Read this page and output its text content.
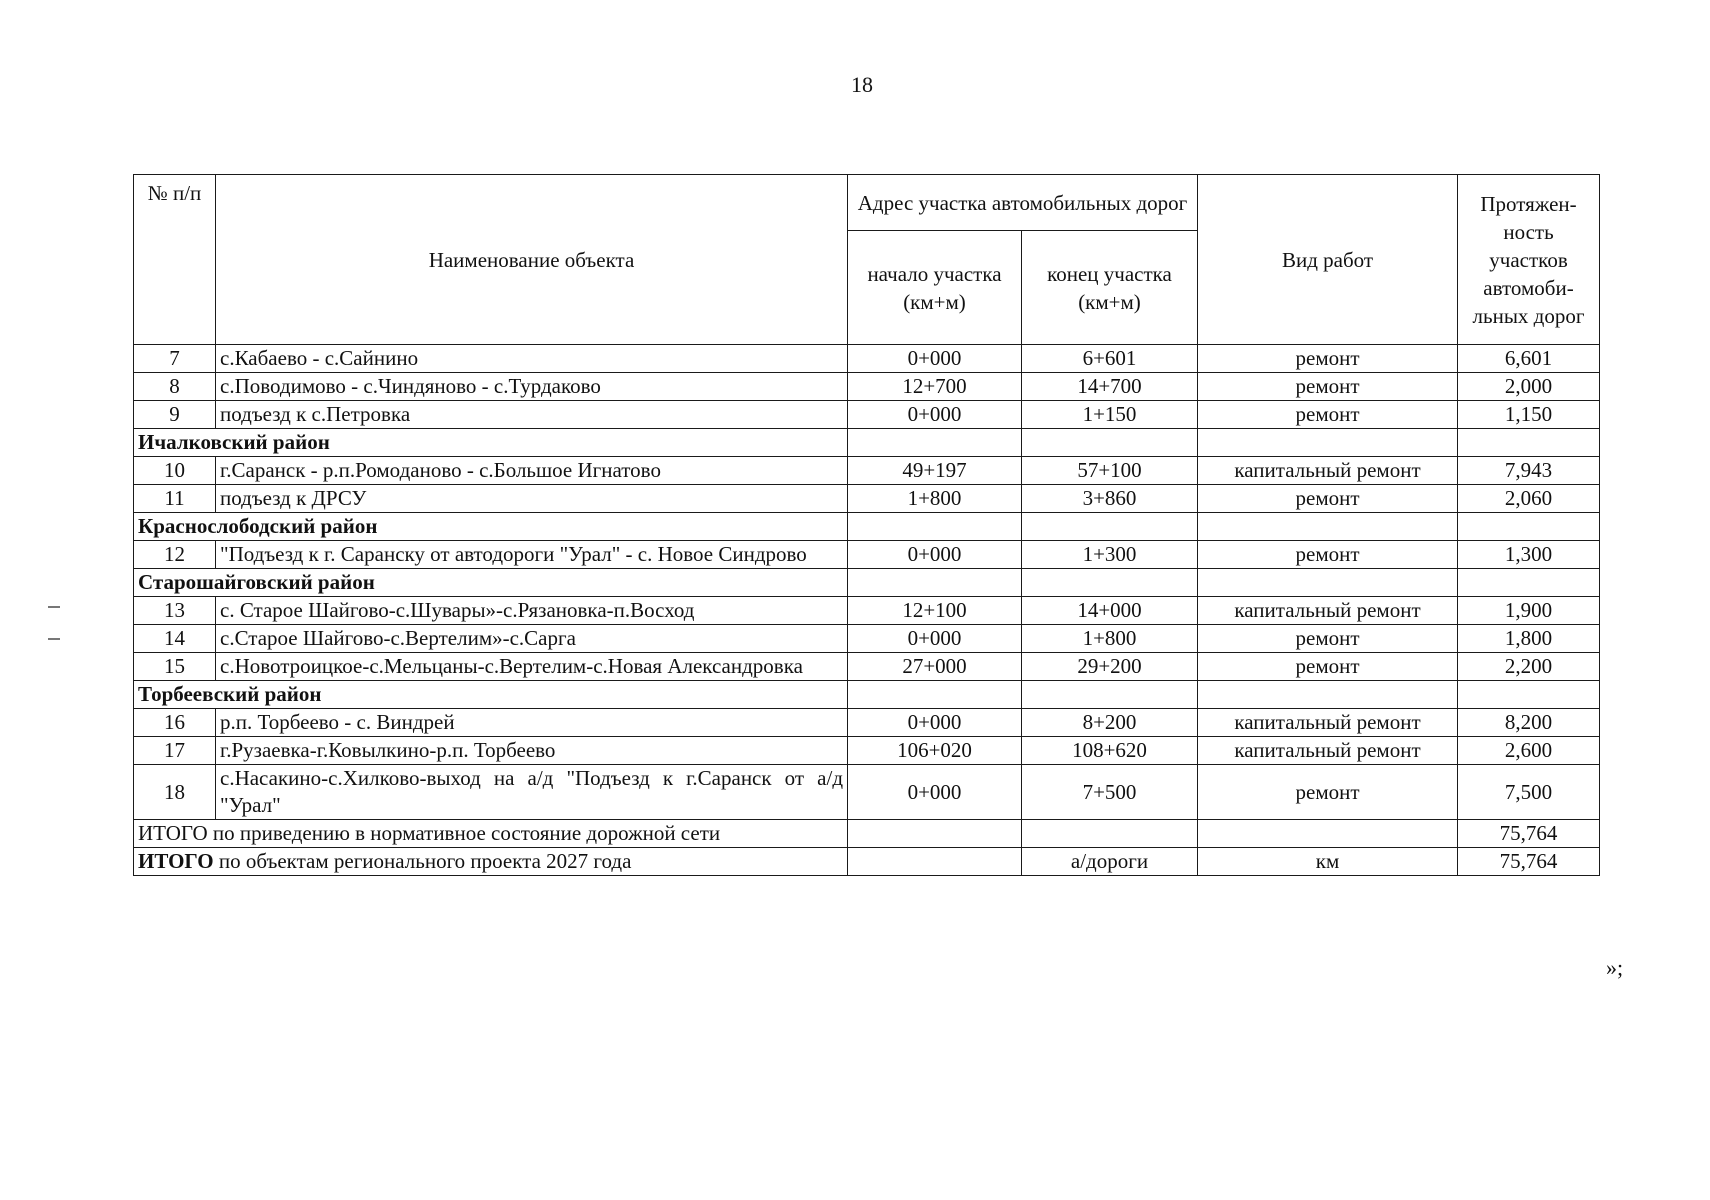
18
№ п/п	Наименование объекта	Адрес участка автомобильных дорог		Вид работ	Протяжен-ность участков автомоби-льных дорог
		начало участка (км+м)	конец участка (км+м)		
7	с.Кабаево - с.Сайнино	0+000	6+601	ремонт	6,601
8	с.Поводимово - с.Чиндяново - с.Турдаково	12+700	14+700	ремонт	2,000
9	подъезд к с.Петровка	0+000	1+150	ремонт	1,150
Ичалковский район					
10	г.Саранск - р.п.Ромоданово - с.Большое Игнатово	49+197	57+100	капитальный ремонт	7,943
11	подъезд к ДРСУ	1+800	3+860	ремонт	2,060
Краснослободский район					
12	"Подъезд к г. Саранску от автодороги "Урал" - с. Новое Синдрово	0+000	1+300	ремонт	1,300
Старошайговский район					
13	с. Старое Шайгово-с.Шувары»-с.Рязановка-п.Восход	12+100	14+000	капитальный ремонт	1,900
14	с.Старое Шайгово-с.Вертелим»-с.Сарга	0+000	1+800	ремонт	1,800
15	с.Новотроицкое-с.Мельцаны-с.Вертелим-с.Новая Александровка	27+000	29+200	ремонт	2,200
Торбеевский район					
16	р.п. Торбеево - с. Виндрей	0+000	8+200	капитальный ремонт	8,200
17	г.Рузаевка-г.Ковылкино-р.п. Торбеево	106+020	108+620	капитальный ремонт	2,600
18	с.Насакино-с.Хилково-выход на а/д "Подъезд к г.Саранск от а/д "Урал"	0+000	7+500	ремонт	7,500
ИТОГО по приведению в нормативное состояние дорожной сети					75,764
ИТОГО по объектам регионального проекта 2027 года			а/дороги	км	75,764
»;
